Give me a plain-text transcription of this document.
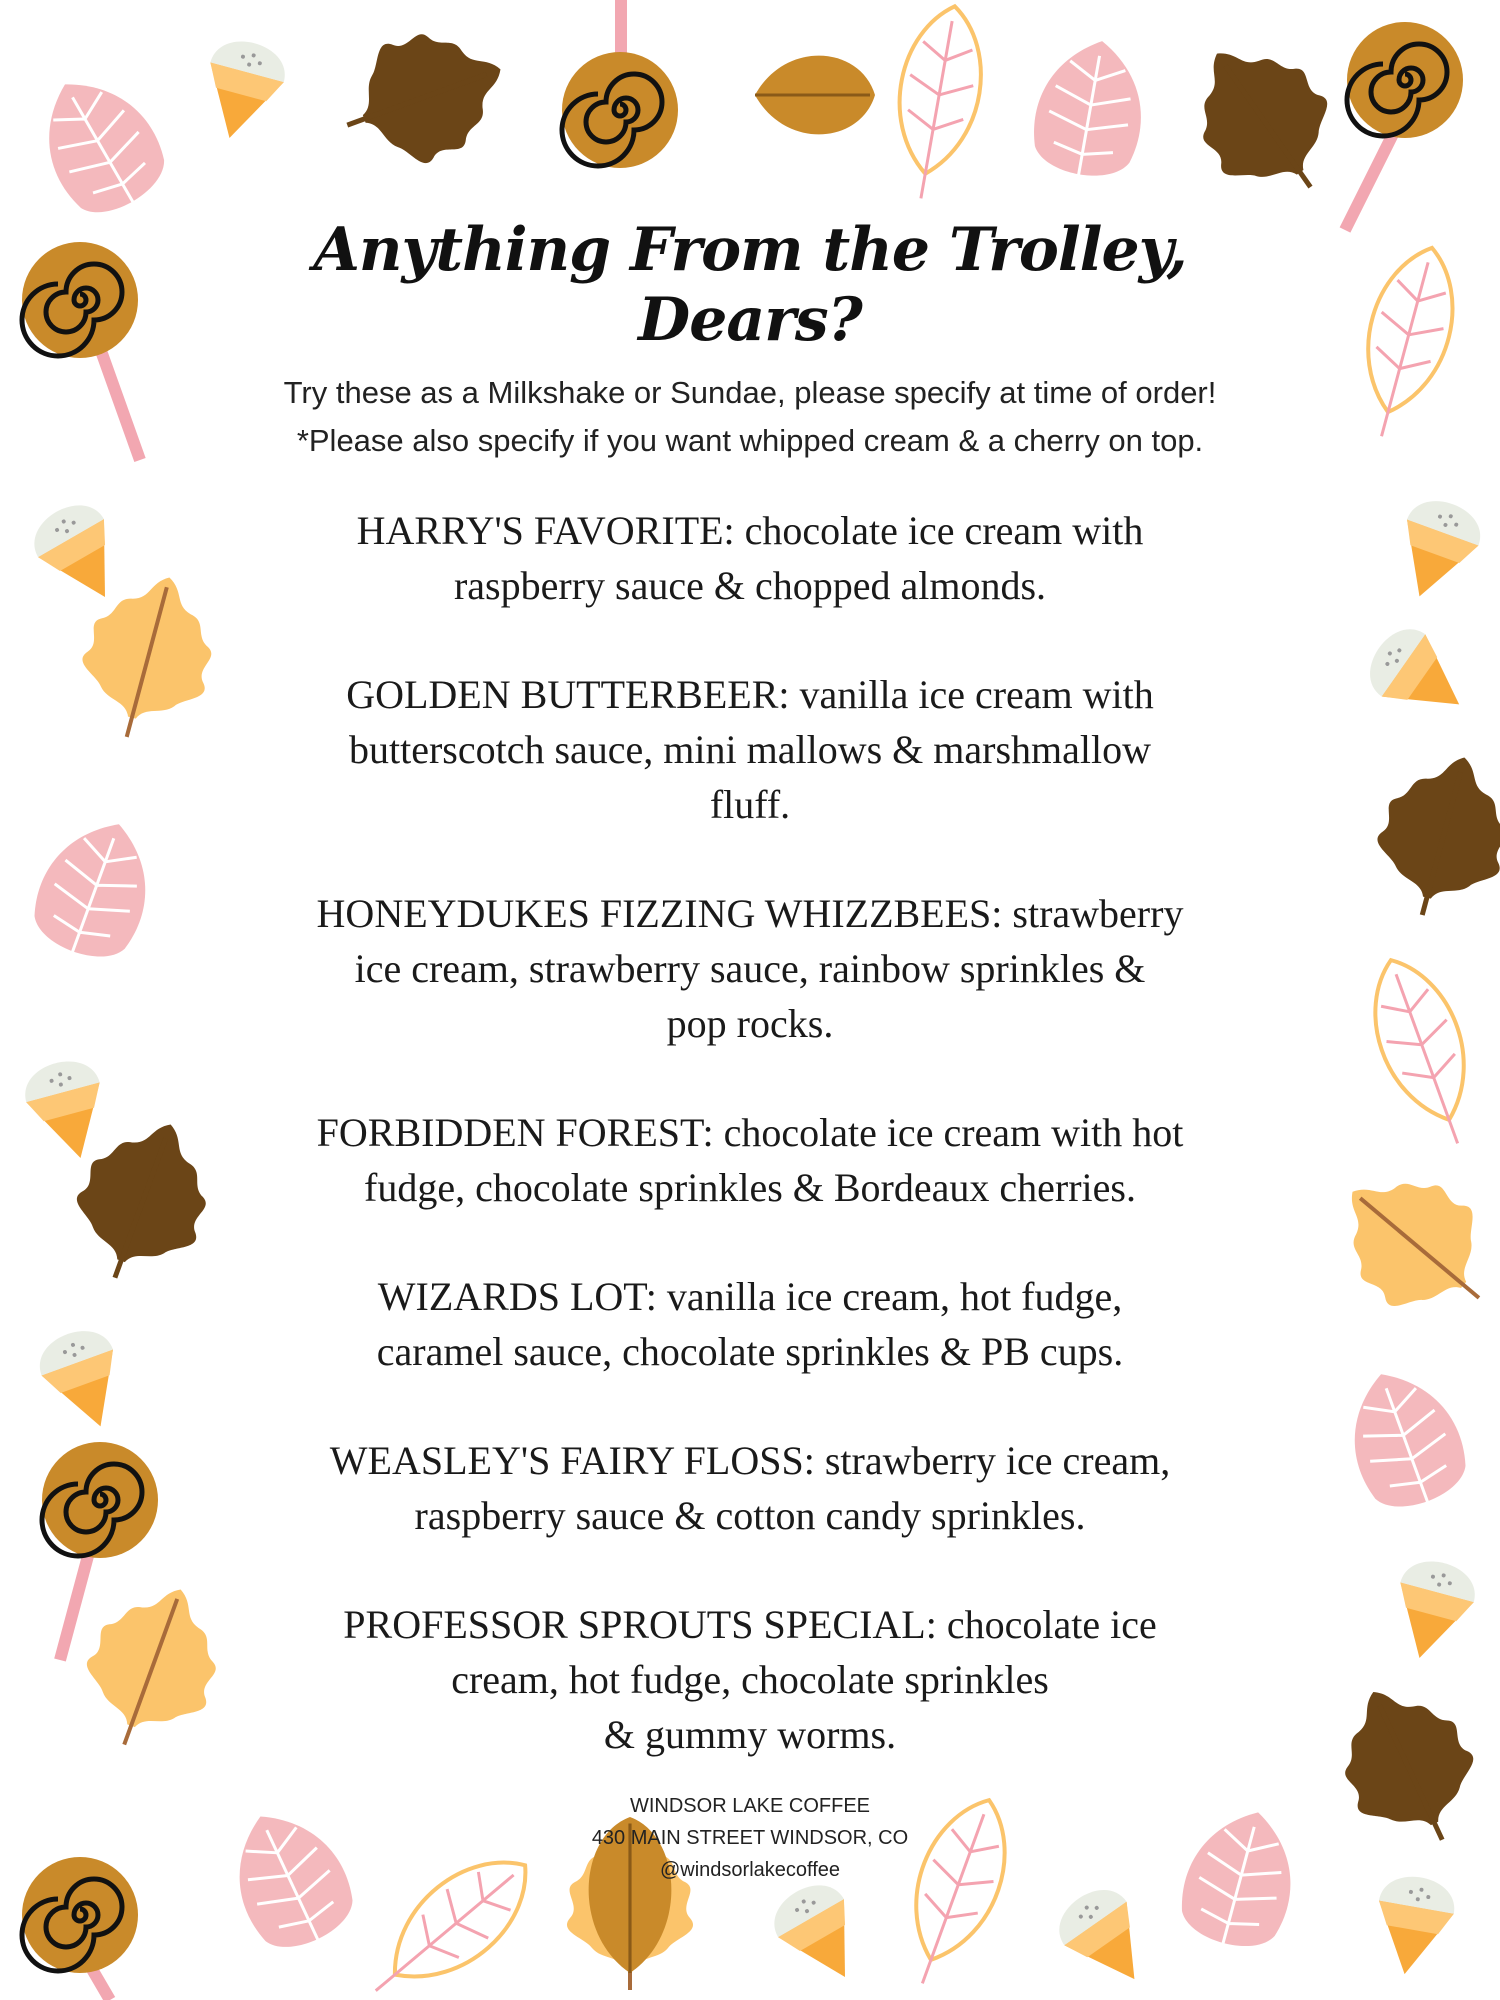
Anything From the Trolley, Dears?
Try these as a Milkshake or Sundae, please specify at time of order!
*Please also specify if you want whipped cream & a cherry on top.
HARRY'S FAVORITE: chocolate ice cream with
raspberry sauce & chopped almonds.
GOLDEN BUTTERBEER: vanilla ice cream with
butterscotch sauce, mini mallows & marshmallow
fluff.
HONEYDUKES FIZZING WHIZZBEES: strawberry
ice cream, strawberry sauce, rainbow sprinkles &
pop rocks.
FORBIDDEN FOREST: chocolate ice cream with hot
fudge, chocolate sprinkles & Bordeaux cherries.
WIZARDS LOT: vanilla ice cream, hot fudge,
caramel sauce, chocolate sprinkles & PB cups.
WEASLEY'S FAIRY FLOSS: strawberry ice cream,
raspberry sauce & cotton candy sprinkles.
PROFESSOR SPROUTS SPECIAL: chocolate ice
cream, hot fudge, chocolate sprinkles
& gummy worms.
WINDSOR LAKE COFFEE
430 MAIN STREET WINDSOR, CO
@windsorlakecoffee
